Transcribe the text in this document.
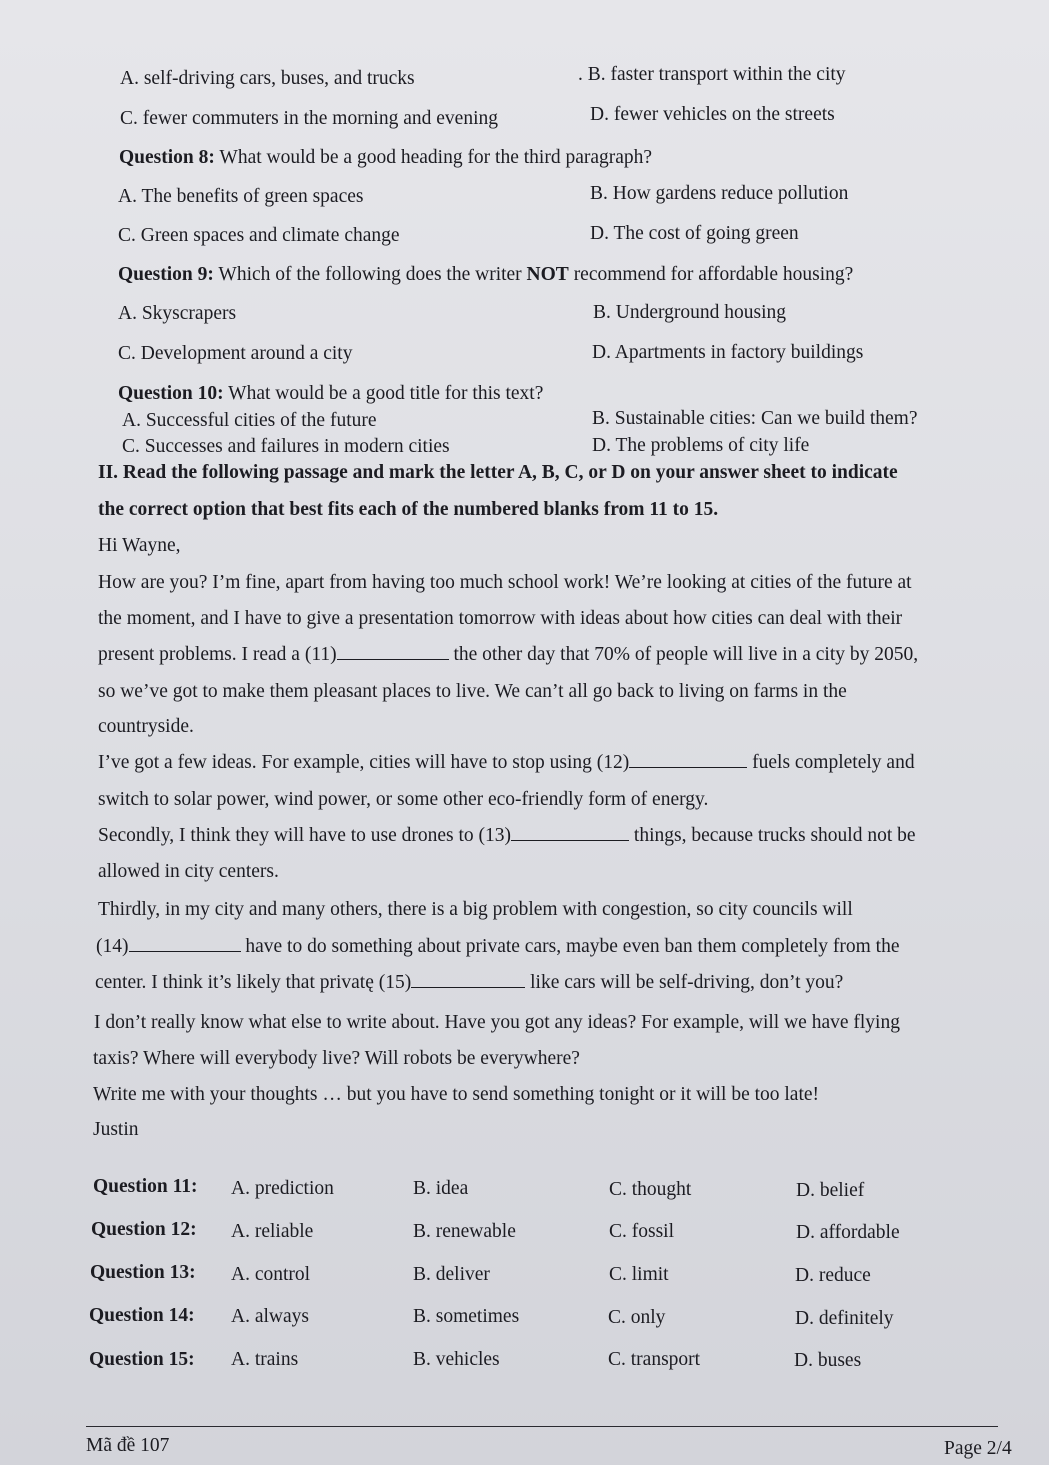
A. self-driving cars, buses, and trucks	. B. faster transport within the city
C. fewer commuters in the morning and evening	D. fewer vehicles on the streets
Question 8: What would be a good heading for the third paragraph?
A. The benefits of green spaces	B. How gardens reduce pollution
C. Green spaces and climate change	D. The cost of going green
Question 9: Which of the following does the writer NOT recommend for affordable housing?
A. Skyscrapers	B. Underground housing
C. Development around a city	D. Apartments in factory buildings
Question 10: What would be a good title for this text?
A. Successful cities of the future	B. Sustainable cities: Can we build them?
C. Successes and failures in modern cities	D. The problems of city life
II. Read the following passage and mark the letter A, B, C, or D on your answer sheet to indicate
the correct option that best fits each of the numbered blanks from 11 to 15.
Hi Wayne,
How are you? I’m fine, apart from having too much school work! We’re looking at cities of the future at
the moment, and I have to give a presentation tomorrow with ideas about how cities can deal with their
present problems. I read a (11)	the other day that 70% of people will live in a city by 2050,
so we’ve got to make them pleasant places to live. We can’t all go back to living on farms in the
countryside.
I’ve got a few ideas. For example, cities will have to stop using (12)	fuels completely and
switch to solar power, wind power, or some other eco-friendly form of energy.
Secondly, I think they will have to use drones to (13)	things, because trucks should not be
allowed in city centers.
Thirdly, in my city and many others, there is a big problem with congestion, so city councils will
(14)	have to do something about private cars, maybe even ban them completely from the
center. I think it’s likely that privatę (15)	like cars will be self-driving, don’t you?
I don’t really know what else to write about. Have you got any ideas? For example, will we have flying
taxis? Where will everybody live? Will robots be everywhere?
Write me with your thoughts … but you have to send something tonight or it will be too late!
Justin
Question 11: A. prediction	B. idea	C. thought	D. belief
Question 12: A. reliable	B. renewable	C. fossil	D. affordable
Question 13: A. control	B. deliver	C. limit	D. reduce
Question 14: A. always	B. sometimes	C. only	D. definitely
Question 15: A. trains	B. vehicles	C. transport	D. buses
Mã đề 107	Page 2/4
